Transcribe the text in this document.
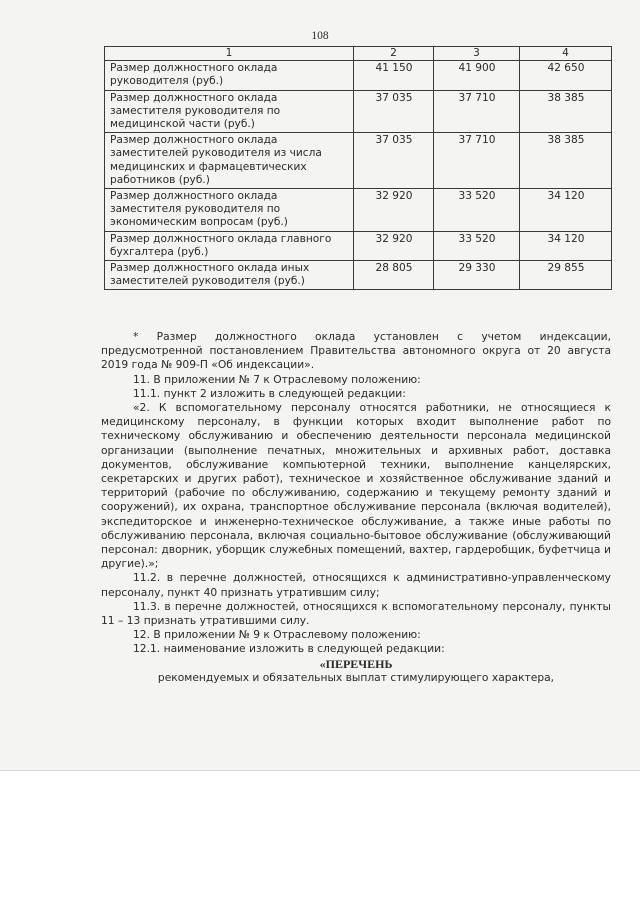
108
1	2	3	4
Размер должностного оклада руководителя (руб.)	41 150	41 900	42 650
Размер должностного оклада заместителя руководителя по медицинской части (руб.)	37 035	37 710	38 385
Размер должностного оклада заместителей руководителя из числа медицинских и фармацевтических работников (руб.)	37 035	37 710	38 385
Размер должностного оклада заместителя руководителя по экономическим вопросам (руб.)	32 920	33 520	34 120
Размер должностного оклада главного бухгалтера (руб.)	32 920	33 520	34 120
Размер должностного оклада иных заместителей руководителя (руб.)	28 805	29 330	29 855

* Размер должностного оклада установлен с учетом индексации, предусмотренной постановлением Правительства автономного округа от 20 августа 2019 года № 909-П «Об индексации».

11. В приложении № 7 к Отраслевому положению:

11.1. пункт 2 изложить в следующей редакции:

«2. К вспомогательному персоналу относятся работники, не относящиеся к медицинскому персоналу, в функции которых входит выполнение работ по техническому обслуживанию и обеспечению деятельности персонала медицинской организации (выполнение печатных, множительных и архивных работ, доставка документов, обслуживание компьютерной техники, выполнение канцелярских, секретарских и других работ), техническое и хозяйственное обслуживание зданий и территорий (рабочие по обслуживанию, содержанию и текущему ремонту зданий и сооружений), их охрана, транспортное обслуживание персонала (включая водителей), экспедиторское и инженерно-техническое обслуживание, а также иные работы по обслуживанию персонала, включая социально-бытовое обслуживание (обслуживающий персонал: дворник, уборщик служебных помещений, вахтер, гардеробщик, буфетчица и другие).»;

11.2. в перечне должностей, относящихся к административно-управленческому персоналу, пункт 40 признать утратившим силу;

11.3. в перечне должностей, относящихся к вспомогательному персоналу, пункты 11 – 13 признать утратившими силу.

12. В приложении № 9 к Отраслевому положению:

12.1. наименование изложить в следующей редакции:

«ПЕРЕЧЕНЬ

рекомендуемых и обязательных выплат стимулирующего характера,
